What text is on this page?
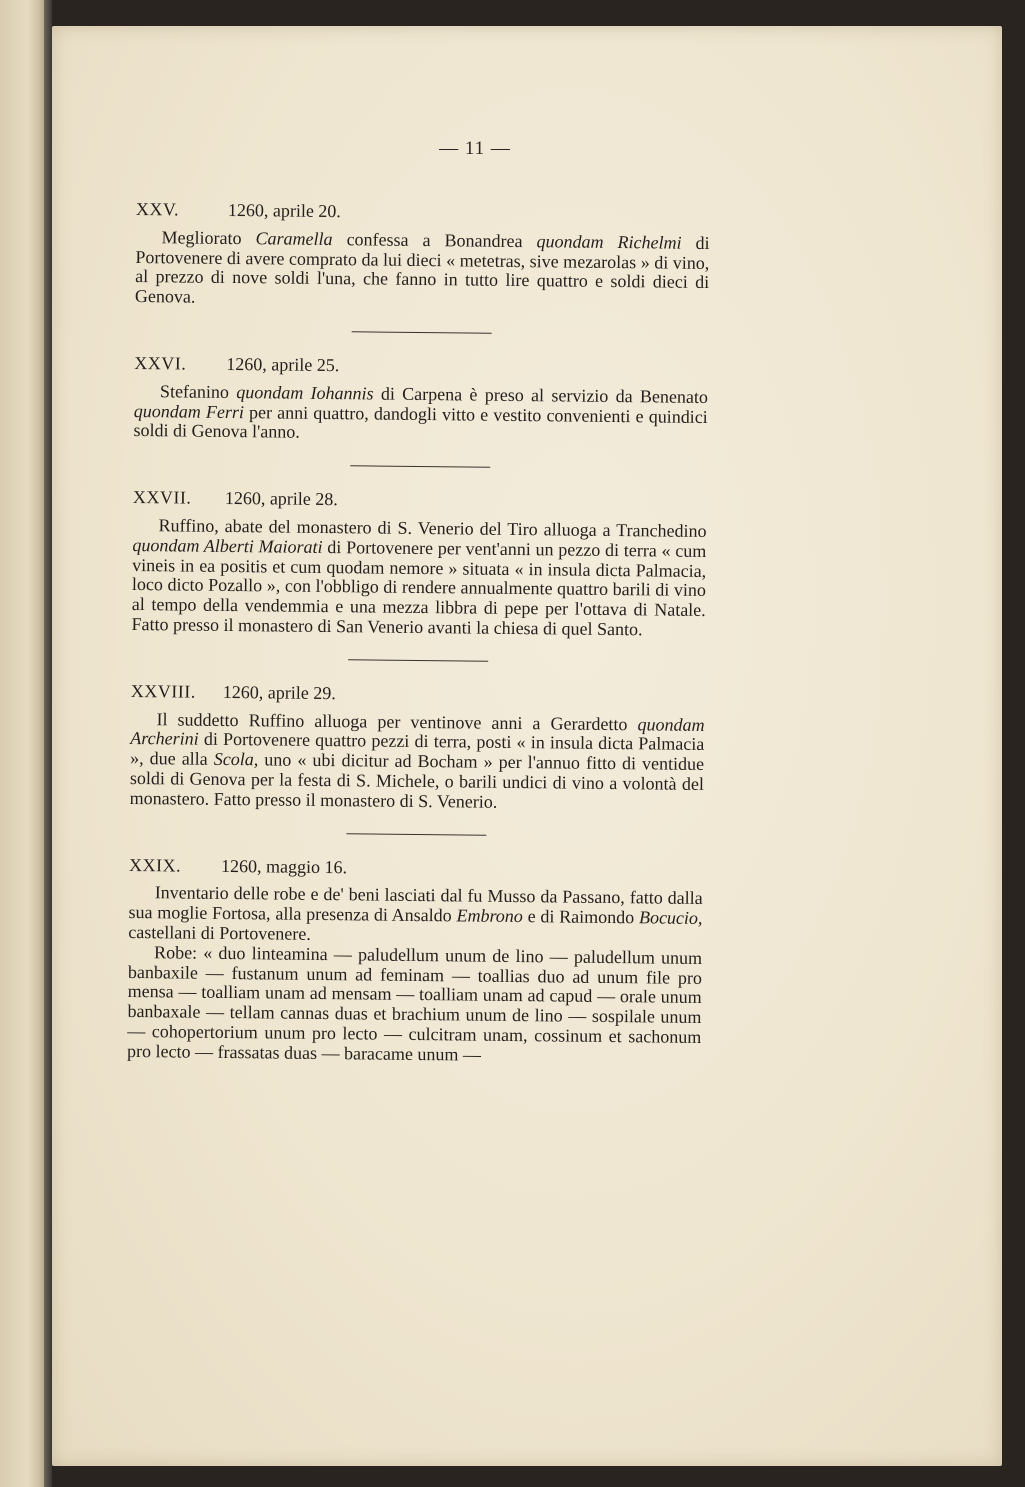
— 11 —

XXV.	1260, aprile 20.

Megliorato Caramella confessa a Bonandrea quondam Richelmi di Portovenere di avere comprato da lui dieci « metetras, sive mezarolas » di vino, al prezzo di nove soldi l'una, che fanno in tutto lire quattro e soldi dieci di Genova.

XXVI. 1260, aprile 25.

Stefanino quondam Iohannis di Carpena è preso al servizio da Benenato quondam Ferri per anni quattro, dandogli vitto e vestito convenienti e quindici soldi di Genova l'anno.

XXVII. 1260, aprile 28.

Ruffino, abate del monastero di S. Venerio del Tiro alluoga a Tranchedino quondam Alberti Maiorati di Portovenere per vent'anni un pezzo di terra « cum vineis in ea positis et cum quodam nemore » situata « in insula dicta Palmacia, loco dicto Pozallo », con l'obbligo di rendere annualmente quattro barili di vino al tempo della vendemmia e una mezza libbra di pepe per l'ottava di Natale. Fatto presso il monastero di San Venerio avanti la chiesa di quel Santo.

XXVIII. 1260, aprile 29.

Il suddetto Ruffino alluoga per ventinove anni a Gerardetto quondam Archerini di Portovenere quattro pezzi di terra, posti « in insula dicta Palmacia », due alla Scola, uno « ubi dicitur ad Bocham » per l'annuo fitto di ventidue soldi di Genova per la festa di S. Michele, o barili undici di vino a volontà del monastero. Fatto presso il monastero di S. Venerio.

XXIX. 1260, maggio 16.

Inventario delle robe e de' beni lasciati dal fu Musso da Passano, fatto dalla sua moglie Fortosa, alla presenza di Ansaldo Embrono e di Raimondo Bocucio, castellani di Portovenere.

Robe: « duo linteamina — paludellum unum de lino — paludellum unum banbaxile — fustanum unum ad feminam — toallias duo ad unum file pro mensa — toalliam unam ad mensam — toalliam unam ad capud — orale unum banbaxale — tellam cannas duas et brachium unum de lino — sospilale unum — cohopertorium unum pro lecto — culcitram unam, cossinum et sachonum pro lecto — frassatas duas — baracame unum —
